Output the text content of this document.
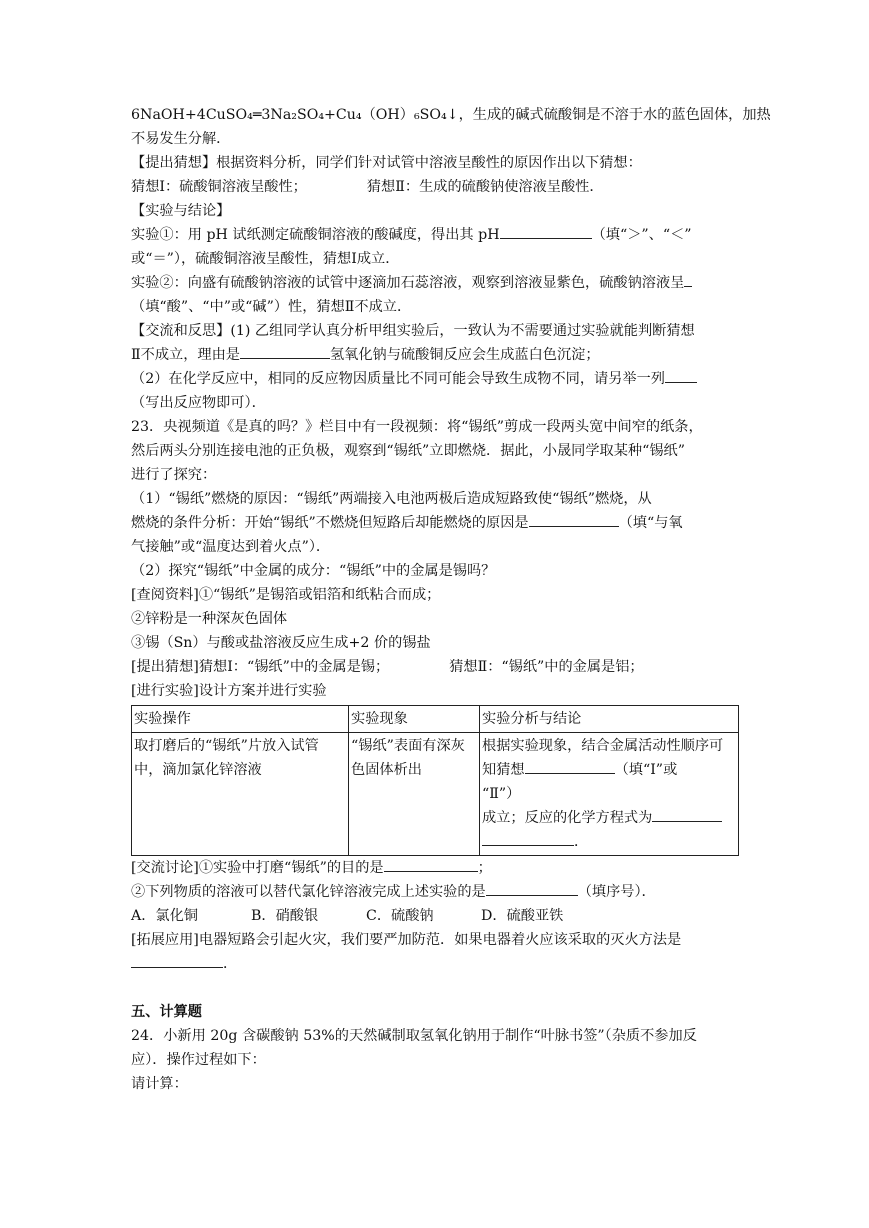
6NaOH+4CuSO₄═3Na₂SO₄+Cu₄（OH）₆SO₄↓，生成的碱式硫酸铜是不溶于水的蓝色固体，加热
不易发生分解．
【提出猜想】根据资料分析，同学们针对试管中溶液呈酸性的原因作出以下猜想：
猜想Ⅰ：硫酸铜溶液呈酸性；	猜想Ⅱ：生成的硫酸钠使溶液呈酸性．
【实验与结论】
实验①：用 pH 试纸测定硫酸铜溶液的酸碱度，得出其 pH	（填“＞”、“＜”
或“＝”），硫酸铜溶液呈酸性，猜想Ⅰ成立．
实验②：向盛有硫酸钠溶液的试管中逐滴加石蕊溶液，观察到溶液显紫色，硫酸钠溶液呈
（填“酸”、“中”或“碱”）性，猜想Ⅱ不成立．
【交流和反思】(1) 乙组同学认真分析甲组实验后，一致认为不需要通过实验就能判断猜想
Ⅱ不成立，理由是	氢氧化钠与硫酸铜反应会生成蓝白色沉淀；
（2）在化学反应中，相同的反应物因质量比不同可能会导致生成物不同，请另举一列
（写出反应物即可）．
23．央视频道《是真的吗？》栏目中有一段视频：将“锡纸”剪成一段两头宽中间窄的纸条，
然后两头分别连接电池的正负极，观察到“锡纸”立即燃烧．据此，小晟同学取某种“锡纸”
进行了探究：
（1）“锡纸”燃烧的原因：“锡纸”两端接入电池两极后造成短路致使“锡纸”燃烧，从
燃烧的条件分析：开始“锡纸”不燃烧但短路后却能燃烧的原因是	（填“与氧
气接触”或“温度达到着火点”）．
（2）探究“锡纸”中金属的成分：“锡纸”中的金属是锡吗？
[查阅资料]①“锡纸”是锡箔或铝箔和纸粘合而成；
②锌粉是一种深灰色固体
③锡（Sn）与酸或盐溶液反应生成+2 价的锡盐
[提出猜想]猜想Ⅰ：“锡纸”中的金属是锡；	猜想Ⅱ：“锡纸”中的金属是铝；
[进行实验]设计方案并进行实验
实验操作	实验现象	实验分析与结论
取打磨后的“锡纸”片放入试管中，滴加氯化锌溶液	“锡纸”表面有深灰色固体析出	根据实验现象，结合金属活动性顺序可知猜想 （填“Ⅰ”或
“Ⅱ”）
成立；反应的化学方程式为
．
[交流讨论]①实验中打磨“锡纸”的目的是	；
②下列物质的溶液可以替代氯化锌溶液完成上述实验的是	（填序号）．
A．氯化铜	B．硝酸银	C．硫酸钠	D．硫酸亚铁
[拓展应用]电器短路会引起火灾，我们要严加防范．如果电器着火应该采取的灭火方法是
．
五、计算题
24．小新用 20g 含碳酸钠 53%的天然碱制取氢氧化钠用于制作“叶脉书签”（杂质不参加反
应）．操作过程如下：
请计算：
